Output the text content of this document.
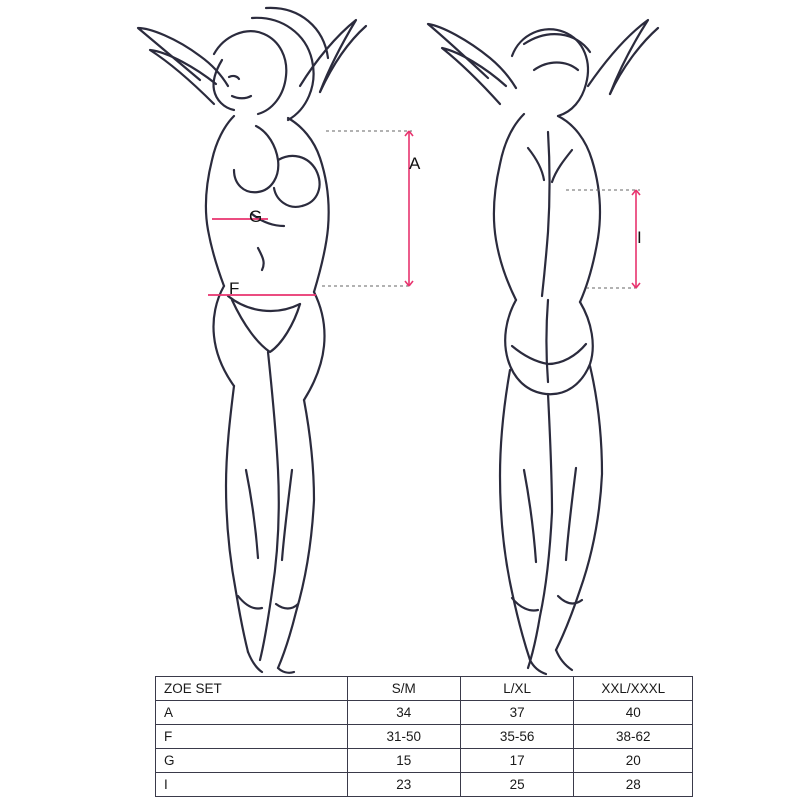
A
G
F
I
ZOE SET	S/M	L/XL	XXL/XXXL
A	34	37	40
F	31-50	35-56	38-62
G	15	17	20
I	23	25	28
